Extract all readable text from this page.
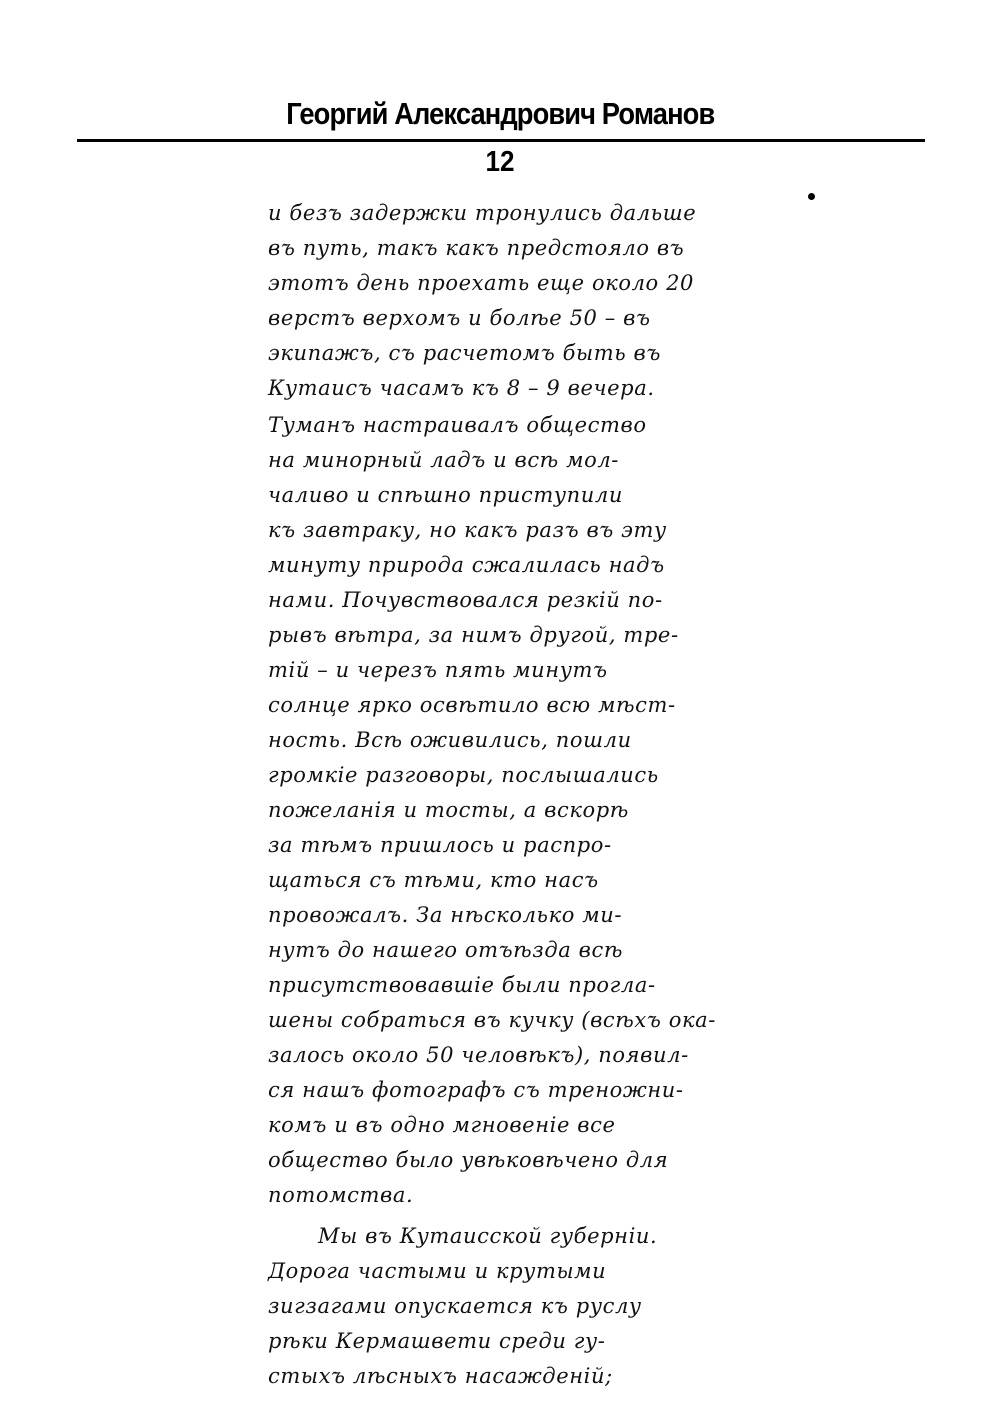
Георгий Александрович Романов
12
и безъ задержки тронулись дальше
въ путь, такъ какъ предстояло въ
этотъ день проехать еще около 20
верстъ верхомъ и болѣе 50 – въ
экипажъ, съ расчетомъ быть въ
Кутаисъ часамъ къ 8 – 9 вечера.
Туманъ настраивалъ общество
на минорный ладъ и всѣ мол-
чаливо и спѣшно приступили
къ завтраку, но какъ разъ въ эту
минуту природа сжалилась надъ
нами. Почувствовался резкій по-
рывъ вѣтра, за нимъ другой, тре-
тій – и черезъ пять минутъ
солнце ярко освѣтило всю мѣст-
ность. Всѣ оживились, пошли
громкіе разговоры, послышались
пожеланія и тосты, а вскорѣ
за тѣмъ пришлось и распро-
щаться съ тѣми, кто насъ
провожалъ. За нѣсколько ми-
нутъ до нашего отъѣзда всѣ
присутствовавшіе были прогла-
шены собраться въ кучку (всѣхъ ока-
залось около 50 человѣкъ), появил-
ся нашъ фотографъ съ треножни-
комъ и въ одно мгновеніе все
общество было увѣковѣчено для
потомства.
Мы въ Кутаисской губерніи.
Дорога частыми и крутыми
зигзагами опускается къ руслу
рѣки Кермашвети среди гу-
стыхъ лѣсныхъ насажденій;
